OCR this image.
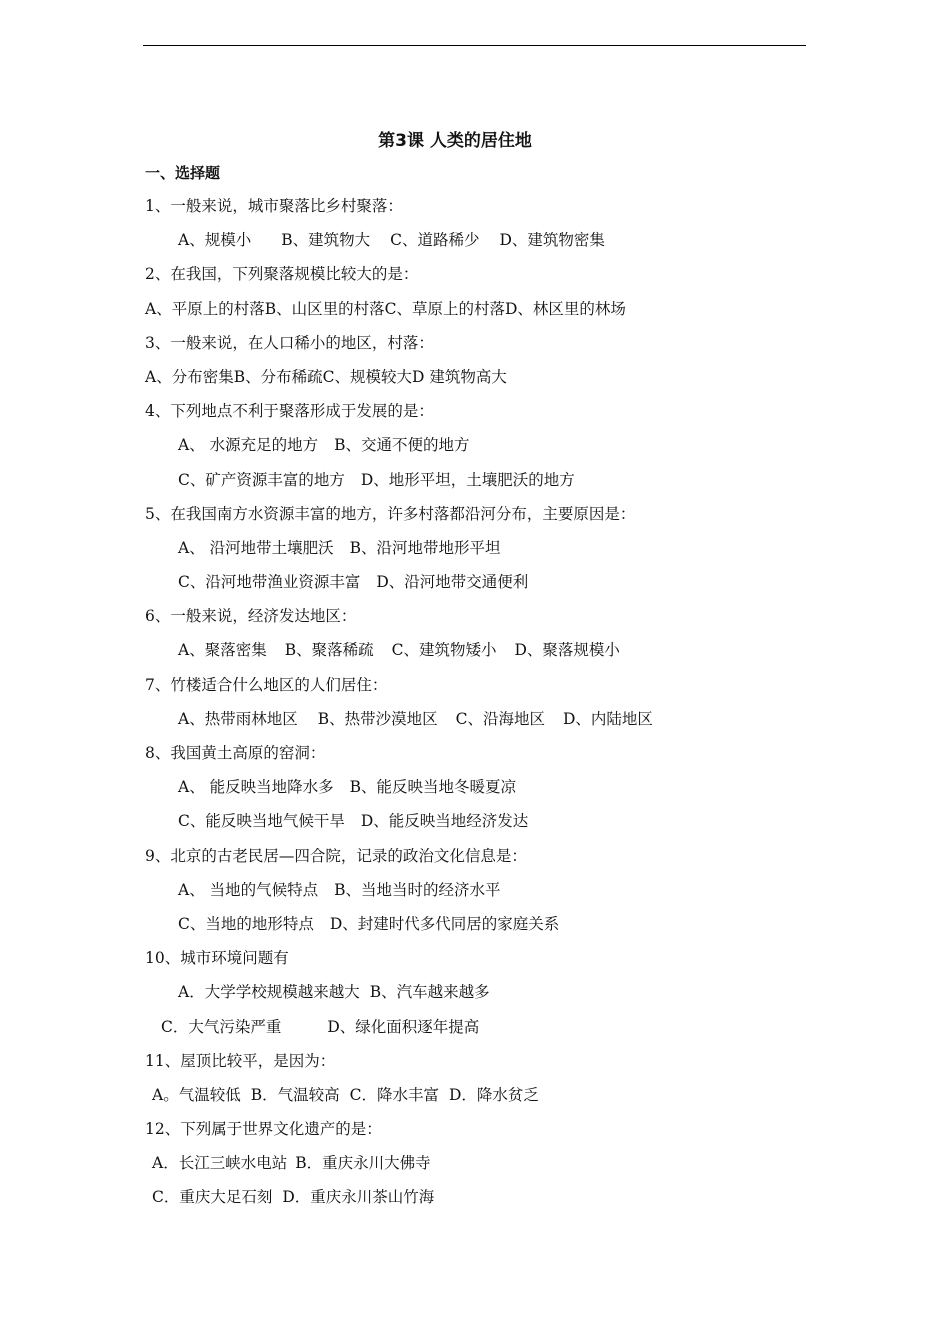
第3课 人类的居住地
一、选择题
1、一般来说，城市聚落比乡村聚落：
A、规模小 B、建筑物大 C、道路稀少 D、建筑物密集
2、在我国，下列聚落规模比较大的是：
A、平原上的村落B、山区里的村落C、草原上的村落D、林区里的林场
3、一般来说，在人口稀小的地区，村落：
A、分布密集B、分布稀疏C、规模较大D 建筑物高大
4、下列地点不利于聚落形成于发展的是：
A、 水源充足的地方 B、交通不便的地方
C、矿产资源丰富的地方 D、地形平坦，土壤肥沃的地方
5、在我国南方水资源丰富的地方，许多村落都沿河分布，主要原因是：
A、 沿河地带土壤肥沃 B、沿河地带地形平坦
C、沿河地带渔业资源丰富 D、沿河地带交通便利
6、一般来说，经济发达地区：
A、聚落密集 B、聚落稀疏 C、建筑物矮小 D、聚落规模小
7、竹楼适合什么地区的人们居住：
A、热带雨林地区 B、热带沙漠地区 C、沿海地区 D、内陆地区
8、我国黄土高原的窑洞：
A、 能反映当地降水多 B、能反映当地冬暖夏凉
C、能反映当地气候干旱 D、能反映当地经济发达
9、北京的古老民居—四合院，记录的政治文化信息是：
A、 当地的气候特点 B、当地当时的经济水平
C、当地的地形特点 D、封建时代多代同居的家庭关系
10、城市环境问题有
A．大学学校规模越来越大 B、汽车越来越多
C．大气污染严重	D、绿化面积逐年提高
11、屋顶比较平，是因为：
A。气温较低 B．气温较高 C．降水丰富 D．降水贫乏
12、下列属于世界文化遗产的是：
A．长江三峡水电站 B．重庆永川大佛寺
C．重庆大足石刻 D．重庆永川茶山竹海
